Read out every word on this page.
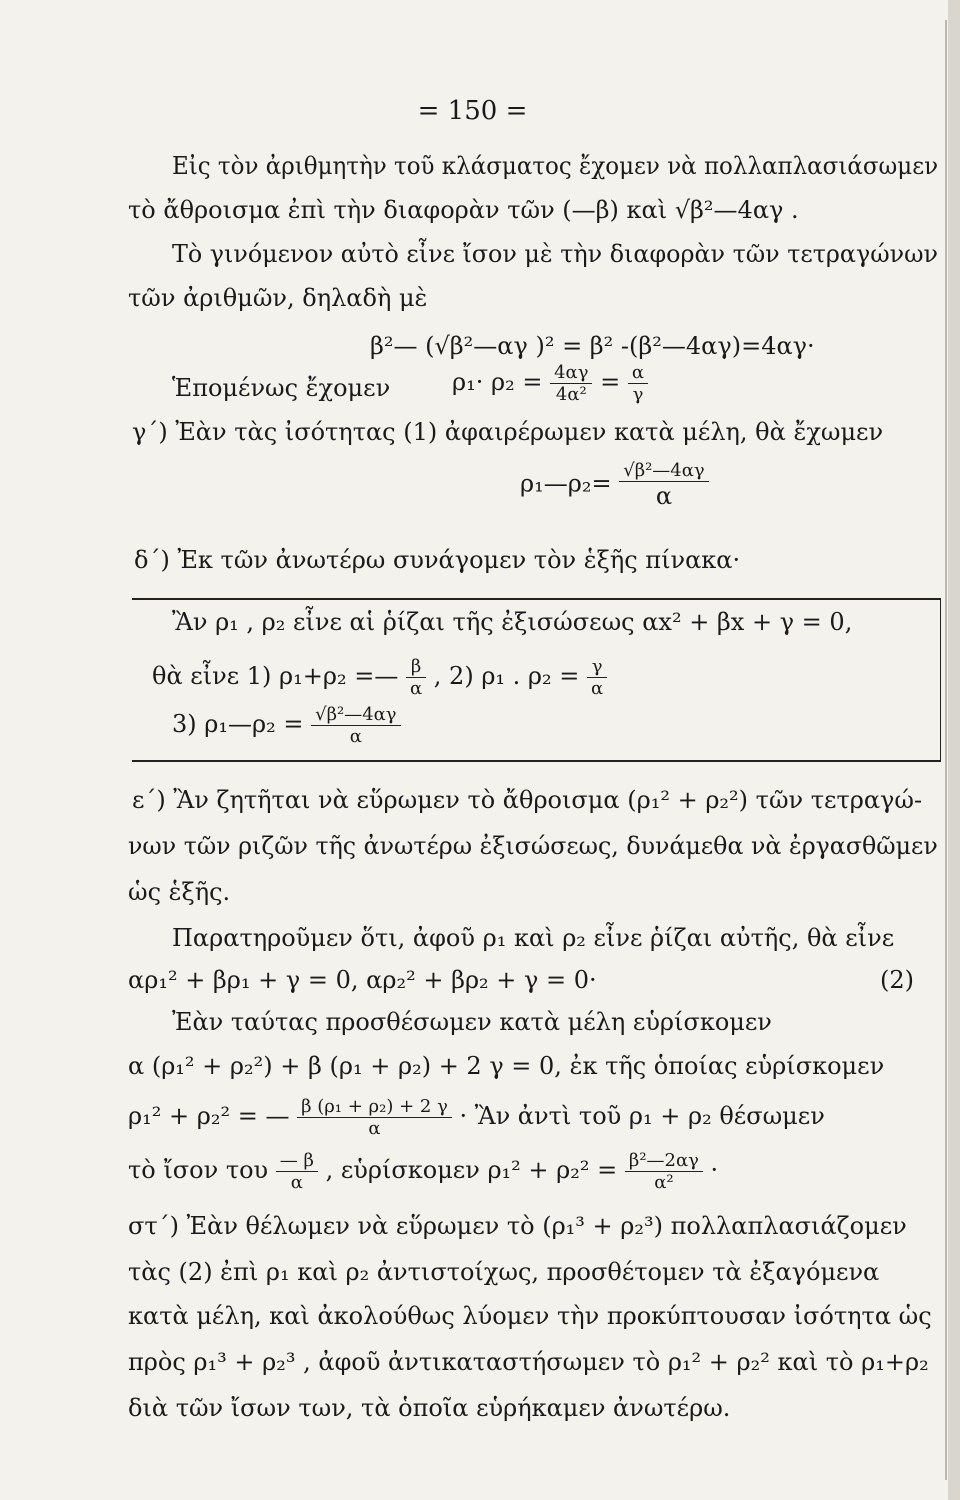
= 150 =
Εἰς τὸν ἀριθμητὴν τοῦ κλάσματος ἔχομεν νὰ πολλαπλασιάσωμεν
τὸ ἄθροισμα ἐπὶ τὴν διαφορὰν τῶν (—β) καὶ √β²—4αγ .
Τὸ γινόμενον αὐτὸ εἶνε ἴσον μὲ τὴν διαφορὰν τῶν τετραγώνων
τῶν ἀριθμῶν, δηλαδὴ μὲ
β²— (√β²—αγ )² = β² -(β²—4αγ)=4αγ·
Ἑπομένως ἔχομεν	$\rho_1\cdot \rho_2 = \frac{4\alpha\gamma}{\text{4α²}} = \frac{\alpha}{\gamma}$
γ΄) Ἐὰν τὰς ἰσότητας (1) ἀφαιρέρωμεν κατὰ μέλη, θὰ ἔχωμεν
ρ₁—ρ₂= $\frac{\text{√β²—4αγ}}{\alpha}$
δ΄) Ἐκ τῶν ἀνωτέρω συνάγομεν τὸν ἑξῆς πίνακα·
Ἂν ρ₁ , ρ₂ εἶνε αἱ ῥίζαι τῆς ἐξισώσεως αx² + βx + γ = 0,
θὰ εἶνε 1) ρ₁+ρ₂ =— $\frac{\beta}{\alpha}$ , 2) ρ₁ . $\rho_2 = \frac{\gamma}{\alpha}$
3) ρ₁—ρ₂ = $\frac{\text{√β²—4αγ}}{\alpha}$
ε΄) Ἂν ζητῆται νὰ εὕρωμεν τὸ ἄθροισμα (ρ₁² + ρ₂²) τῶν τετραγώ-
νων τῶν ριζῶν τῆς ἀνωτέρω ἐξισώσεως, δυνάμεθα νὰ ἐργασθῶμεν
ὡς ἑξῆς.
Παρατηροῦμεν ὅτι, ἀφοῦ ρ₁ καὶ ρ₂ εἶνε ῥίζαι αὐτῆς, θὰ εἶνε
αρ₁² + βρ₁ + γ = 0, αρ₂² + βρ₂ + γ = 0·	(2)
Ἐὰν ταύτας προσθέσωμεν κατὰ μέλη εὑρίσκομεν
α (ρ₁² + ρ₂²) + β (ρ₁ + ρ₂) + 2 γ = 0, ἐκ τῆς ὁποίας εὑρίσκομεν
ρ₁² + ρ₂² = — $\frac{\text{β (ρ₁ + ρ₂) + 2 γ}}{\alpha}$ · Ἂν ἀντὶ τοῦ ρ₁ + ρ₂ θέσωμεν
τὸ ἴσον του $\frac{— \beta}{\alpha}$ , εὑρίσκομεν $\rho_1^2 + \rho_2^2 = \frac{\text{β²—2αγ}}{\text{α²}}$ ·
στ΄) Ἐὰν θέλωμεν νὰ εὕρωμεν τὸ (ρ₁³ + ρ₂³) πολλαπλασιάζομεν
τὰς (2) ἐπὶ ρ₁ καὶ ρ₂ ἀντιστοίχως, προσθέτομεν τὰ ἐξαγόμενα
κατὰ μέλη, καὶ ἀκολούθως λύομεν τὴν προκύπτουσαν ἰσότητα ὡς
πρὸς ρ₁³ + ρ₂³ , ἀφοῦ ἀντικαταστήσωμεν τὸ ρ₁² + ρ₂² καὶ τὸ ρ₁+ρ₂
διὰ τῶν ἴσων των, τὰ ὁποῖα εὑρήκαμεν ἀνωτέρω.
